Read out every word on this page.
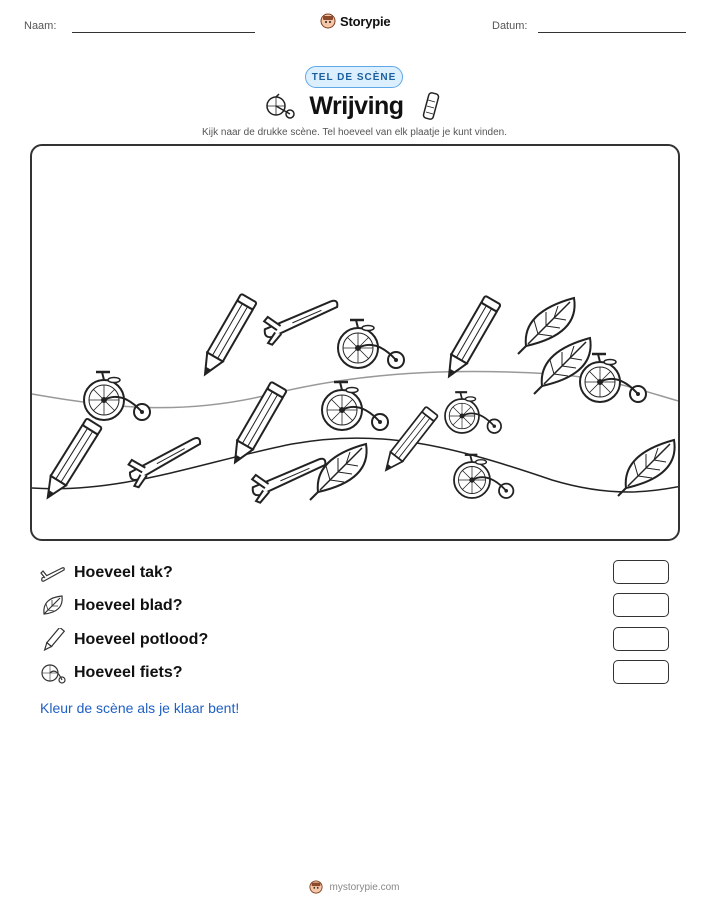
Naam:	Storypie	Datum:
TEL DE SCÈNE
Wrijving
Kijk naar de drukke scène. Tel hoeveel van elk plaatje je kunt vinden.
Hoeveel tak?
Hoeveel blad?
Hoeveel potlood?
Hoeveel fiets?
Kleur de scène als je klaar bent!
mystorypie.com
